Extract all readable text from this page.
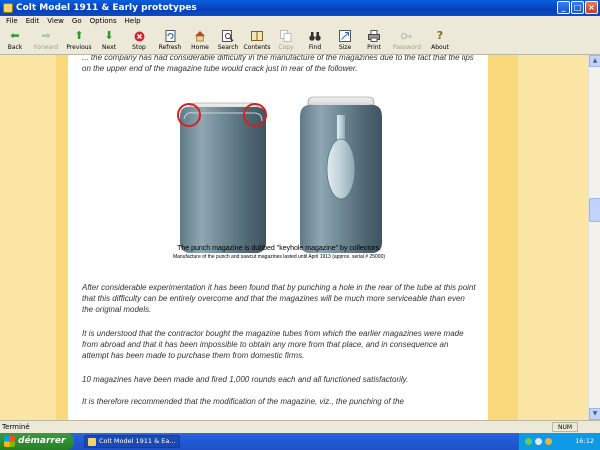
Colt Model 1911 & Early prototypes	_	□ ×
File	Edit	View	Go	Options	Help
⬅
Back
➡
Forward
⬆
Previous
⬇
Next	Stop Refresh Home Search Contents Copy	Find	Size	Print Password
?
About

... the company has had considerable difficulty in the manufacture of the magazines due to the fact that the lips on the upper end of the magazine tube would crack just in rear of the follower.

The punch magazine is dubbed "keyhole magazine" by collectors.

Manufacture of the punch and sawcut magazines lasted until April 1913 (approx. serial # 25000)

After considerable experimentation it has been found that by punching a hole in the rear of the tube at this point that this difficulty can be entirely overcome and that the magazines will be much more serviceable than even the original models.

It is understood that the contractor bought the magazine tubes from which the earlier magazines were made from abroad and that it has been impossible to obtain any more from that place, and in consequence an attempt has been made to purchase them from domestic firms.

10 magazines have been made and fired 1,000 rounds each and all functioned satisfactorily.

It is therefore recommended that the modification of the magazine, viz., the punching of the

▲
▼
Terminé	NUM
démarrer	Colt Model 1911 & Ea...	16:12
